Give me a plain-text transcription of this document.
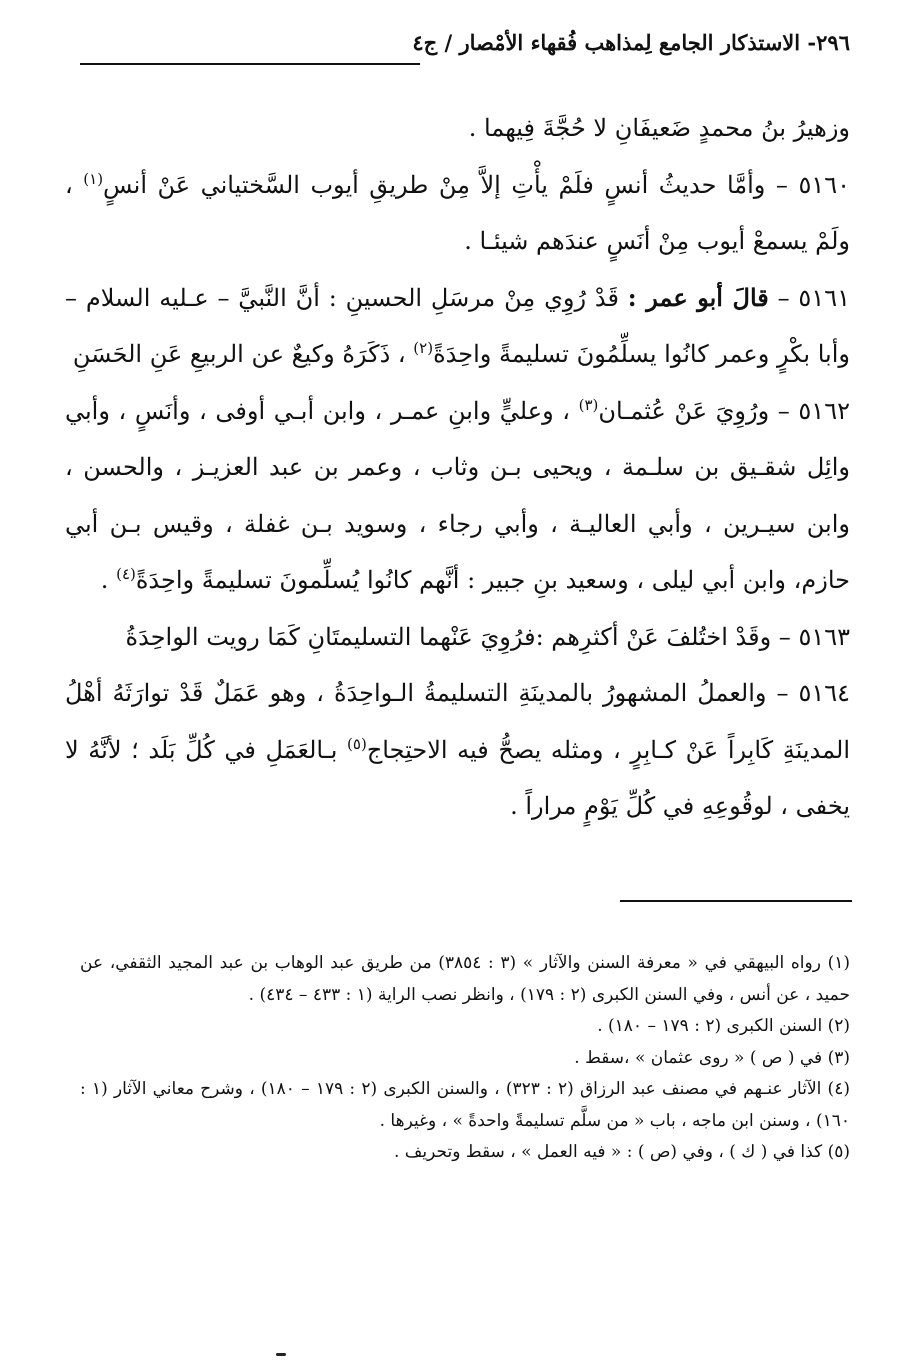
٢٩٦- الاستذكار الجامع لِمذاهب فُقهاء الأمْصار / ج٤

وزهيرُ بنُ محمدٍ ضَعيفَانِ لا حُجَّةَ فِيهما .

٥١٦٠ – وأمَّا حديثُ أنسٍ فلَمْ يأْتِ إلاَّ مِنْ طريقِ أيوب السَّختياني عَنْ أنسٍ$^{(١)}$ ، ولَمْ يسمعْ أيوب مِنْ أنَسٍ عندَهم شيئـا .

٥١٦١ – قالَ أبو عمر : قَدْ رُوِي مِنْ مرسَلِ الحسينِ : أنَّ النَّبيَّ – عـليه السلام – وأبا بكْرٍ وعمر كانُوا يسلِّمُونَ تسليمةً واحِدَةً$^{(٢)}$ ، ذَكَرَهُ وكيعٌ عن الربيعِ عَنِ الحَسَنِ

٥١٦٢ – ورُوِيَ عَنْ عُثمـان$^{(٣)}$ ، وعليٍّ وابنِ عمـر ، وابن أبـي أوفى ، وأنَسٍ ، وأبي وائِل شقـيق بن سلـمة ، ويحيى بـن وثاب ، وعمر بن عبد العزيـز ، والحسن ، وابن سيـرين ، وأبي العاليـة ، وأبي رجاء ، وسويد بـن غفلة ، وقيس بـن أبي حازم، وابن أبي ليلى ، وسعيد بنِ جبير : أنَّهم كانُوا يُسلِّمونَ تسليمةً واحِدَةً$^{(٤)}$ .

٥١٦٣ – وقَدْ اختُلفَ عَنْ أكثرِهم :فرُوِيَ عَنْهما التسليمتَانِ كَمَا رويت الواحِدَةُ

٥١٦٤ – والعملُ المشهورُ بالمدينَةِ التسليمةُ الـواحِدَةُ ، وهو عَمَلٌ قَدْ توارَثَهُ أهْلُ المدينَةِ كَابِراً عَنْ كـابِرٍ ، ومثله يصحُّ فيه الاحتِجاج$^{(٥)}$ بـالعَمَلِ في كُلِّ بَلَد ؛ لأنَّهُ لا يخفى ، لوقُوعِهِ في كُلِّ يَوْمٍ مراراً .

(١) رواه البيهقي في « معرفة السنن والآثار » (٣ : ٣٨٥٤) من طريق عبد الوهاب بن عبد المجيد الثقفي، عن حميد ، عن أنس ، وفي السنن الكبرى (٢ : ١٧٩) ، وانظر نصب الراية (١ : ٤٣٣ – ٤٣٤) .

(٢) السنن الكبرى (٢ : ١٧٩ – ١٨٠) .

(٣) في ( ص ) « روى عثمان » ،سقط .

(٤) الآثار عنـهم في مصنف عبد الرزاق (٢ : ٣٢٣) ، والسنن الكبرى (٢ : ١٧٩ – ١٨٠) ، وشرح معاني الآثار (١ : ١٦٠) ، وسنن ابن ماجه ، باب « من سلَّم تسليمةً واحدةً » ، وغيرها .

(٥) كذا في ( ك ) ، وفي (ص ) : « فيه العمل » ، سقط وتحريف .
